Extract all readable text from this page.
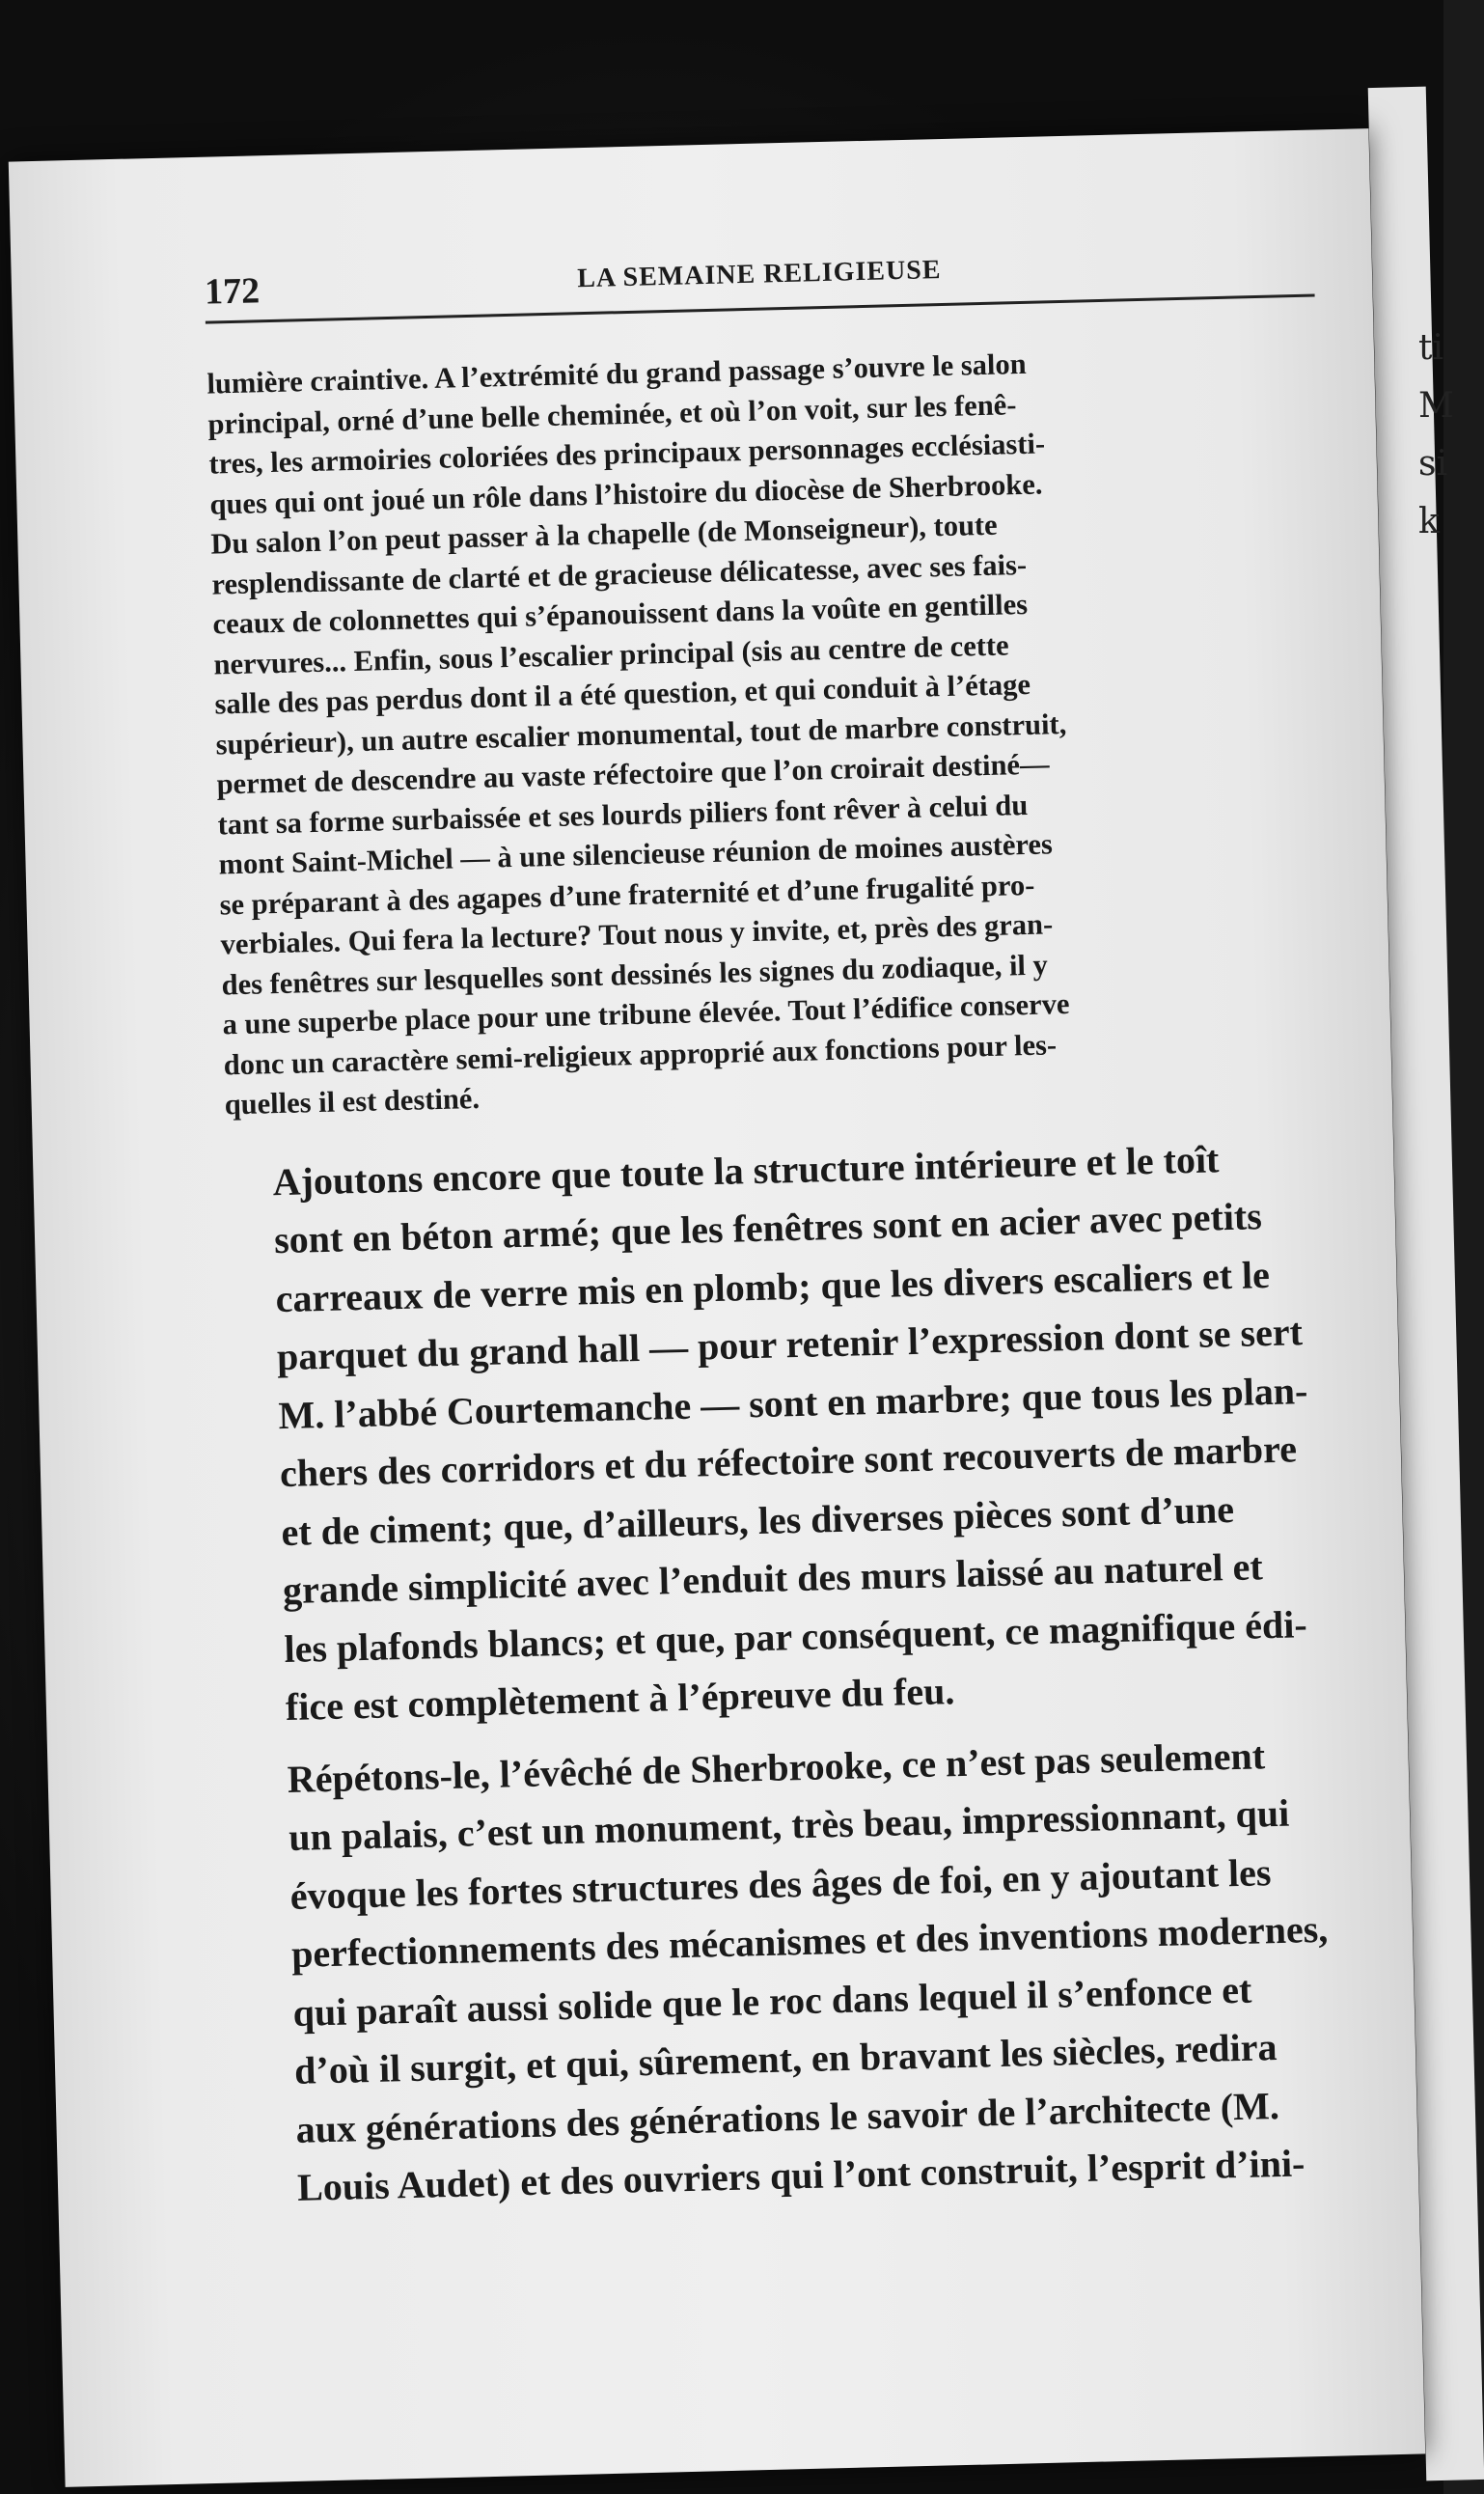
ti
M
si
k
172	LA SEMAINE RELIGIEUSE

lumière craintive. A l’extrémité du grand passage s’ouvre le salon
principal, orné d’une belle cheminée, et où l’on voit, sur les fenê-
tres, les armoiries coloriées des principaux personnages ecclésiasti-
ques qui ont joué un rôle dans l’histoire du diocèse de Sherbrooke.
Du salon l’on peut passer à la chapelle (de Monseigneur), toute
resplendissante de clarté et de gracieuse délicatesse, avec ses fais-
ceaux de colonnettes qui s’épanouissent dans la voûte en gentilles
nervures... Enfin, sous l’escalier principal (sis au centre de cette
salle des pas perdus dont il a été question, et qui conduit à l’étage
supérieur), un autre escalier monumental, tout de marbre construit,
permet de descendre au vaste réfectoire que l’on croirait destiné—
tant sa forme surbaissée et ses lourds piliers font rêver à celui du
mont Saint-Michel — à une silencieuse réunion de moines austères
se préparant à des agapes d’une fraternité et d’une frugalité pro-
verbiales. Qui fera la lecture? Tout nous y invite, et, près des gran-
des fenêtres sur lesquelles sont dessinés les signes du zodiaque, il y
a une superbe place pour une tribune élevée. Tout l’édifice conserve
donc un caractère semi-religieux approprié aux fonctions pour les-
quelles il est destiné.

Ajoutons encore que toute la structure intérieure et le toît
sont en béton armé; que les fenêtres sont en acier avec petits
carreaux de verre mis en plomb; que les divers escaliers et le
parquet du grand hall — pour retenir l’expression dont se sert
M. l’abbé Courtemanche — sont en marbre; que tous les plan-
chers des corridors et du réfectoire sont recouverts de marbre
et de ciment; que, d’ailleurs, les diverses pièces sont d’une
grande simplicité avec l’enduit des murs laissé au naturel et
les plafonds blancs; et que, par conséquent, ce magnifique édi-
fice est complètement à l’épreuve du feu.

Répétons-le, l’évêché de Sherbrooke, ce n’est pas seulement
un palais, c’est un monument, très beau, impressionnant, qui
évoque les fortes structures des âges de foi, en y ajoutant les
perfectionnements des mécanismes et des inventions modernes,
qui paraît aussi solide que le roc dans lequel il s’enfonce et
d’où il surgit, et qui, sûrement, en bravant les siècles, redira
aux générations des générations le savoir de l’architecte (M.
Louis Audet) et des ouvriers qui l’ont construit, l’esprit d’ini-
